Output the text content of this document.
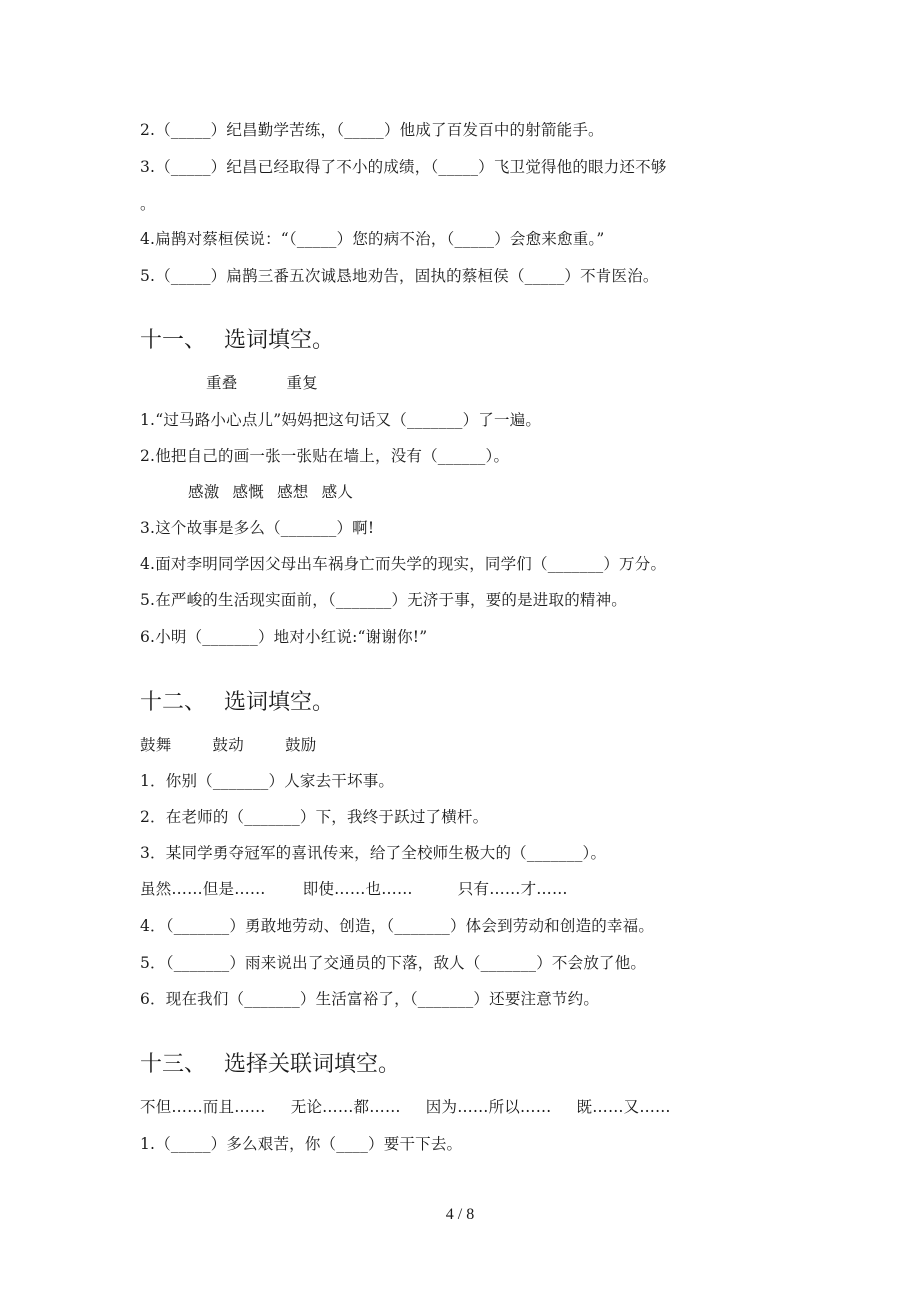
2.（_____）纪昌勤学苦练，（_____）他成了百发百中的射箭能手。
3.（_____）纪昌已经取得了不小的成绩，（_____）飞卫觉得他的眼力还不够
。
4.扁鹊对蔡桓侯说：“（_____）您的病不治，（_____）会愈来愈重。”
5.（_____）扁鹊三番五次诚恳地劝告，固执的蔡桓侯（_____）不肯医治。
十一、 选词填空。
重叠	重复
1.“过马路小心点儿”妈妈把这句话又（_______）了一遍。
2.他把自己的画一张一张贴在墙上，没有（______）。
感激 感慨 感想 感人
3.这个故事是多么（_______）啊!
4.面对李明同学因父母出车祸身亡而失学的现实，同学们（_______）万分。
5.在严峻的生活现实面前，（_______）无济于事，要的是进取的精神。
6.小明（_______）地对小红说:“谢谢你!”
十二、 选词填空。
鼓舞	鼓动	鼓励
1．你别（_______）人家去干坏事。
2．在老师的（_______）下，我终于跃过了横杆。
3．某同学勇夺冠军的喜讯传来，给了全校师生极大的（_______）。
虽然……但是…… 即使……也……	只有……才……
4．（_______）勇敢地劳动、创造，（_______）体会到劳动和创造的幸福。
5．（_______）雨来说出了交通员的下落，敌人（_______）不会放了他。
6．现在我们（_______）生活富裕了，（_______）还要注意节约。
十三、 选择关联词填空。
不但……而且…… 无论……都…… 因为……所以…… 既……又……
1.（_____）多么艰苦，你（____）要干下去。
4 / 8
